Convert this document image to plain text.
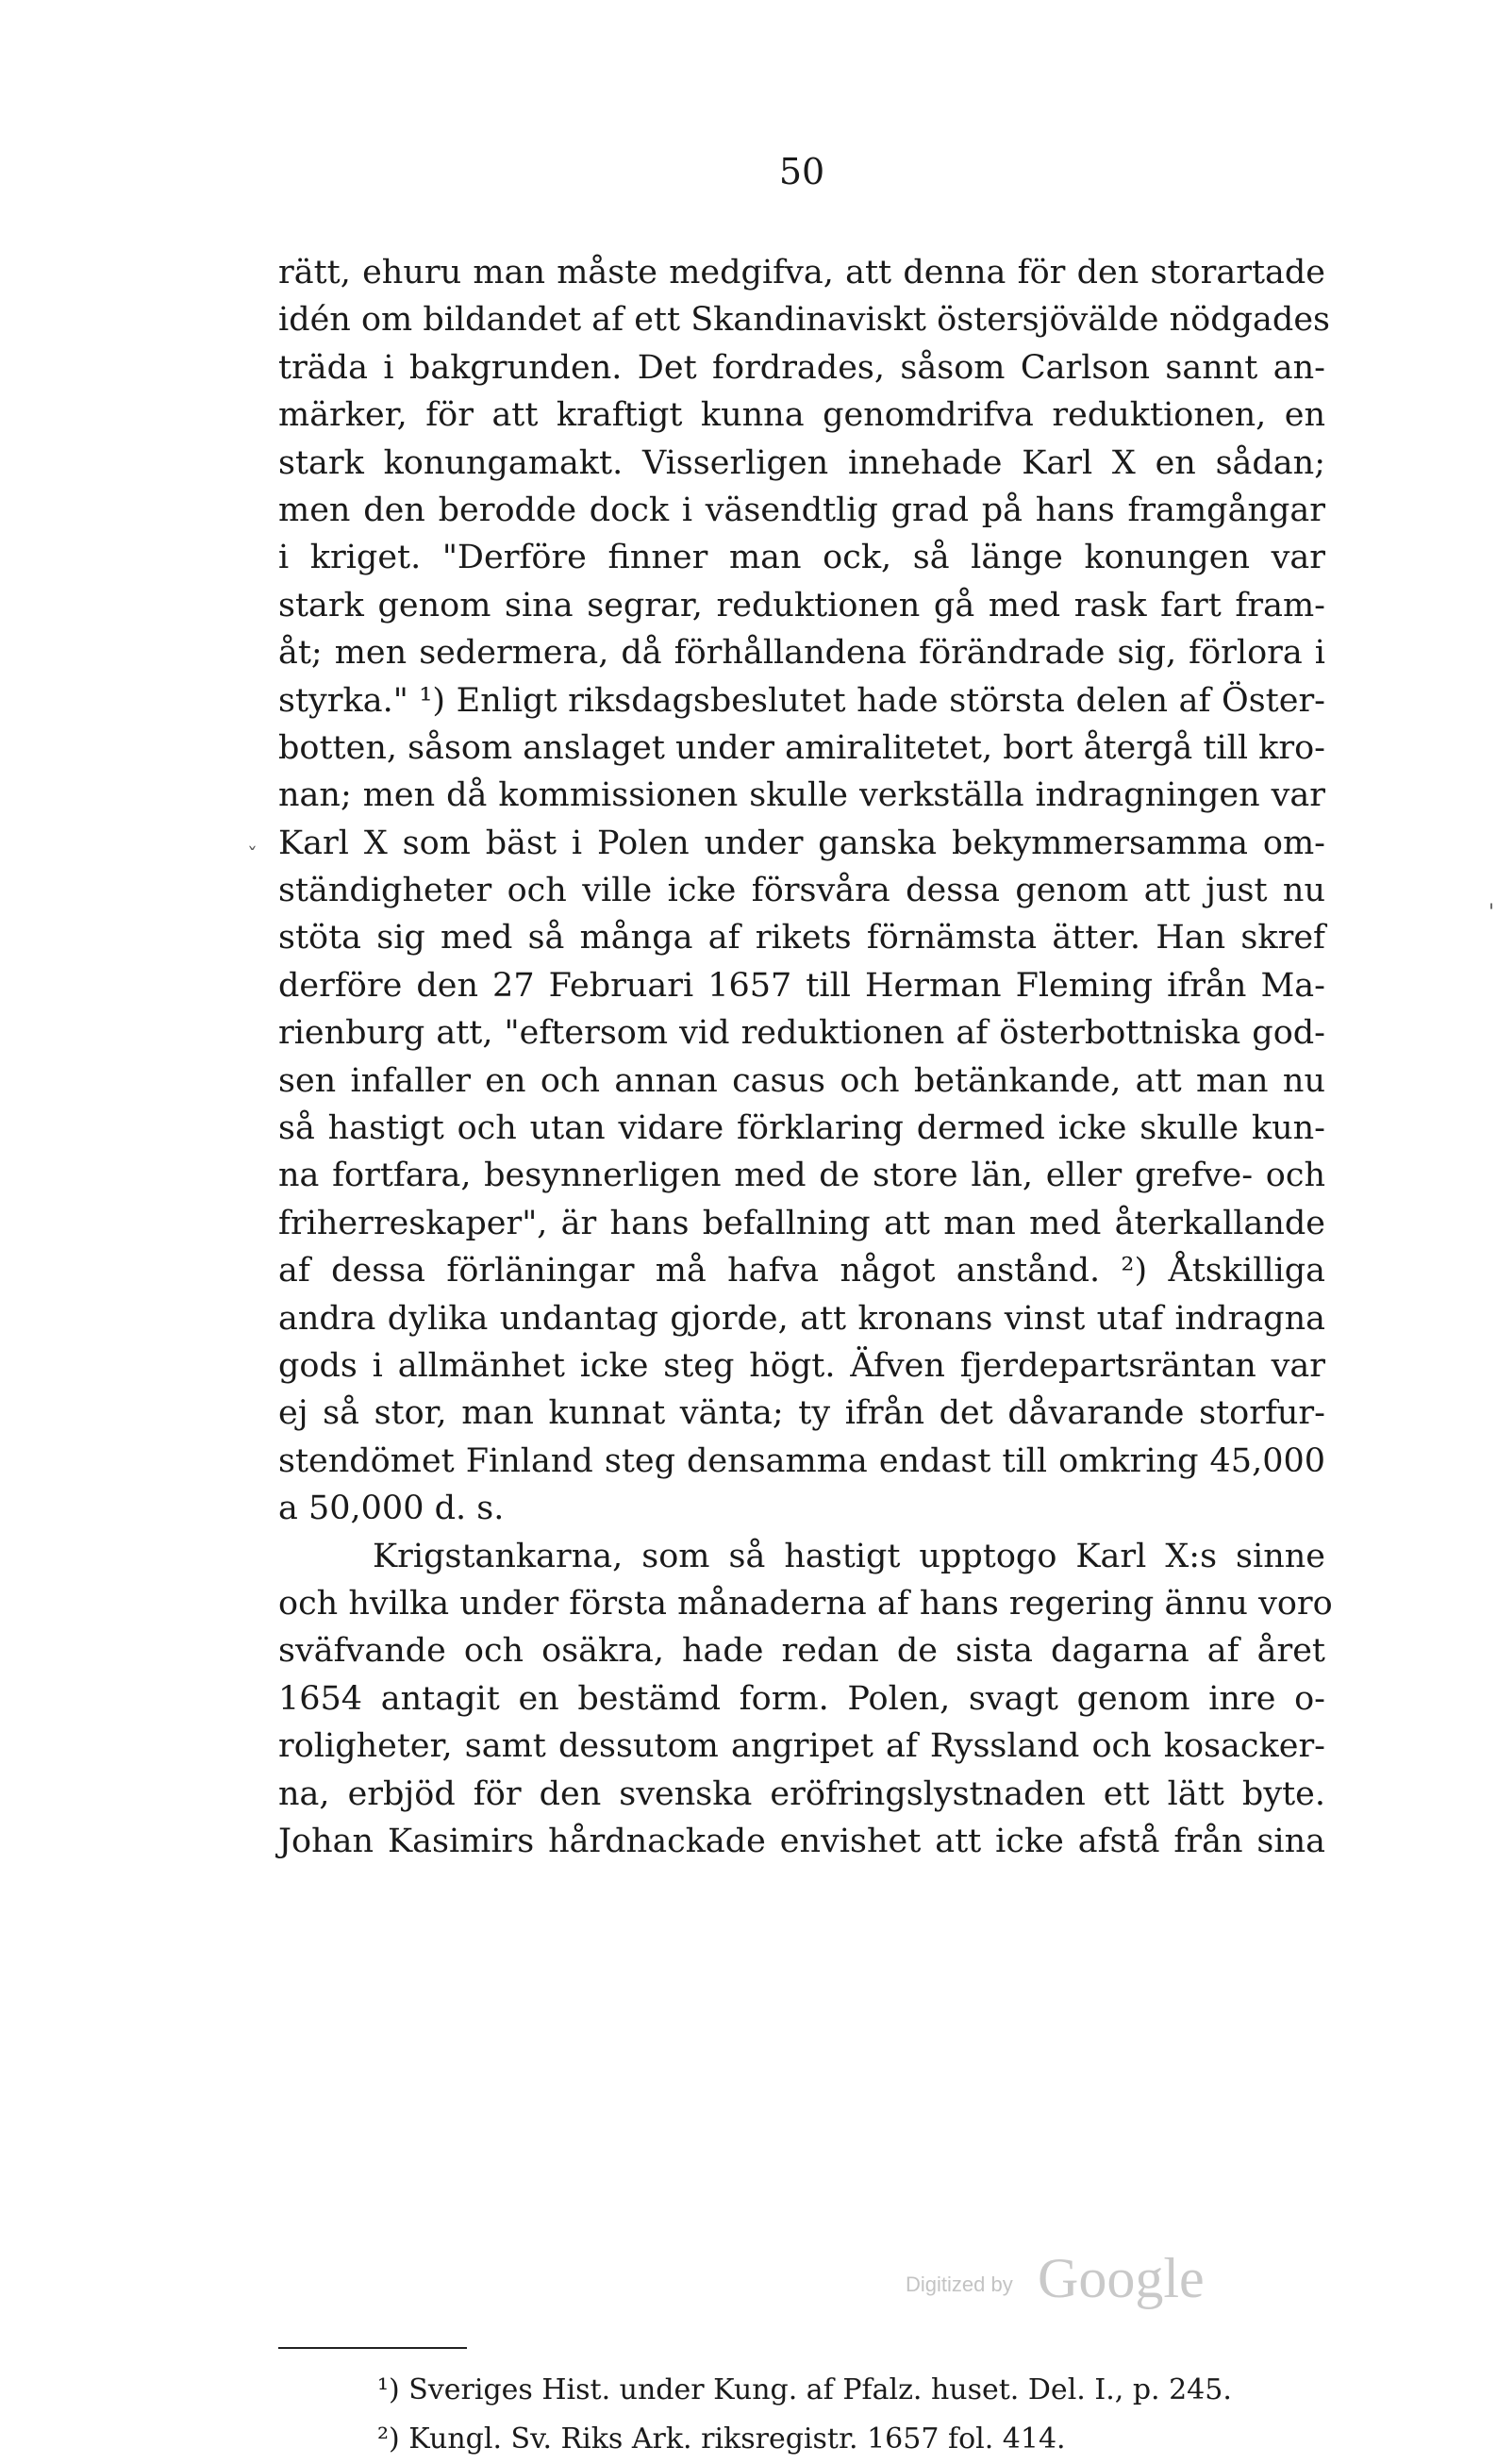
50
rätt, ehuru man måste medgifva, att denna för den storartade
idén om bildandet af ett Skandinaviskt östersjövälde nödgades
träda i bakgrunden. Det fordrades, såsom Carlson sannt an-
märker, för att kraftigt kunna genomdrifva reduktionen, en
stark konungamakt. Visserligen innehade Karl X en sådan;
men den berodde dock i väsendtlig grad på hans framgångar
i kriget. "Derföre finner man ock, så länge konungen var
stark genom sina segrar, reduktionen gå med rask fart fram-
åt; men sedermera, då förhållandena förändrade sig, förlora i
styrka." ¹) Enligt riksdagsbeslutet hade största delen af Öster-
botten, såsom anslaget under amiralitetet, bort återgå till kro-
nan; men då kommissionen skulle verkställa indragningen var
Karl X som bäst i Polen under ganska bekymmersamma om-
ständigheter och ville icke försvåra dessa genom att just nu
stöta sig med så många af rikets förnämsta ätter. Han skref
derföre den 27 Februari 1657 till Herman Fleming ifrån Ma-
rienburg att, "eftersom vid reduktionen af österbottniska god-
sen infaller en och annan casus och betänkande, att man nu
så hastigt och utan vidare förklaring dermed icke skulle kun-
na fortfara, besynnerligen med de store län, eller grefve- och
friherreskaper", är hans befallning att man med återkallande
af dessa förläningar må hafva något anstånd. ²) Åtskilliga
andra dylika undantag gjorde, att kronans vinst utaf indragna
gods i allmänhet icke steg högt. Äfven fjerdepartsräntan var
ej så stor, man kunnat vänta; ty ifrån det dåvarande storfur-
stendömet Finland steg densamma endast till omkring 45,000
a 50,000 d. s.
Krigstankarna, som så hastigt upptogo Karl X:s sinne
och hvilka under första månaderna af hans regering ännu voro
sväfvande och osäkra, hade redan de sista dagarna af året
1654 antagit en bestämd form. Polen, svagt genom inre o-
roligheter, samt dessutom angripet af Ryssland och kosacker-
na, erbjöd för den svenska eröfringslystnaden ett lätt byte.
Johan Kasimirs hårdnackade envishet att icke afstå från sina
¹) Sveriges Hist. under Kung. af Pfalz. huset. Del. I., p. 245.
²) Kungl. Sv. Riks Ark. riksregistr. 1657 fol. 414.
Digitized by Google
ˇ
'
